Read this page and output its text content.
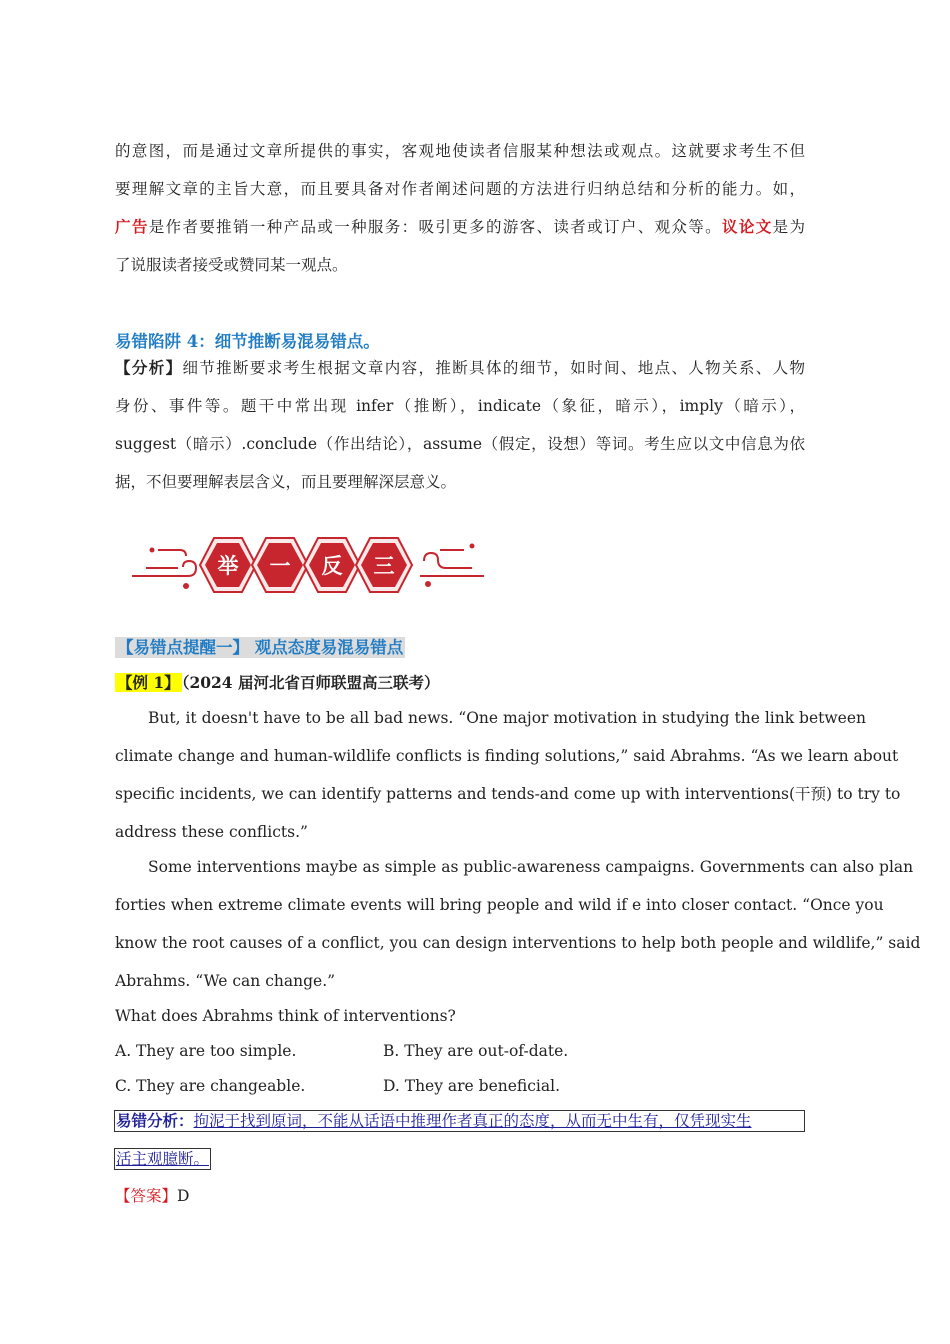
的意图，而是通过文章所提供的事实，客观地使读者信服某种想法或观点。这就要求考生不但
要理解文章的主旨大意，而且要具备对作者阐述问题的方法进行归纳总结和分析的能力。如，
广告是作者要推销一种产品或一种服务：吸引更多的游客、读者或订户、观众等。议论文是为
了说服读者接受或赞同某一观点。
易错陷阱 4：细节推断易混易错点。
【分析】细节推断要求考生根据文章内容，推断具体的细节，如时间、地点、人物关系、人物
身份、事件等。题干中常出现 infer（推断），indicate（象征，暗示），imply（暗示），
suggest（暗示）.conclude（作出结论），assume（假定，设想）等词。考生应以文中信息为依
据，不但要理解表层含义，而且要理解深层意义。
举 一 反 三
【易错点提醒一】 观点态度易混易错点
【例 1】 （2024 届河北省百师联盟高三联考）
But, it doesn't have to be all bad news. “One major motivation in studying the link between
climate change and human-wildlife conflicts is finding solutions,” said Abrahms. “As we learn about
specific incidents, we can identify patterns and tends-and come up with interventions(干预) to try to
address these conflicts.”
Some interventions maybe as simple as public-awareness campaigns. Governments can also plan
forties when extreme climate events will bring people and wild if e into closer contact. “Once you
know the root causes of a conflict, you can design interventions to help both people and wildlife,” said
Abrahms. “We can change.”
What does Abrahms think of interventions?
A. They are too simple.	B. They are out-of-date.
C. They are changeable.	D. They are beneficial.
易错分析：拘泥于找到原词，不能从话语中推理作者真正的态度，从而无中生有，仅凭现实生
活主观臆断。
【答案】D
